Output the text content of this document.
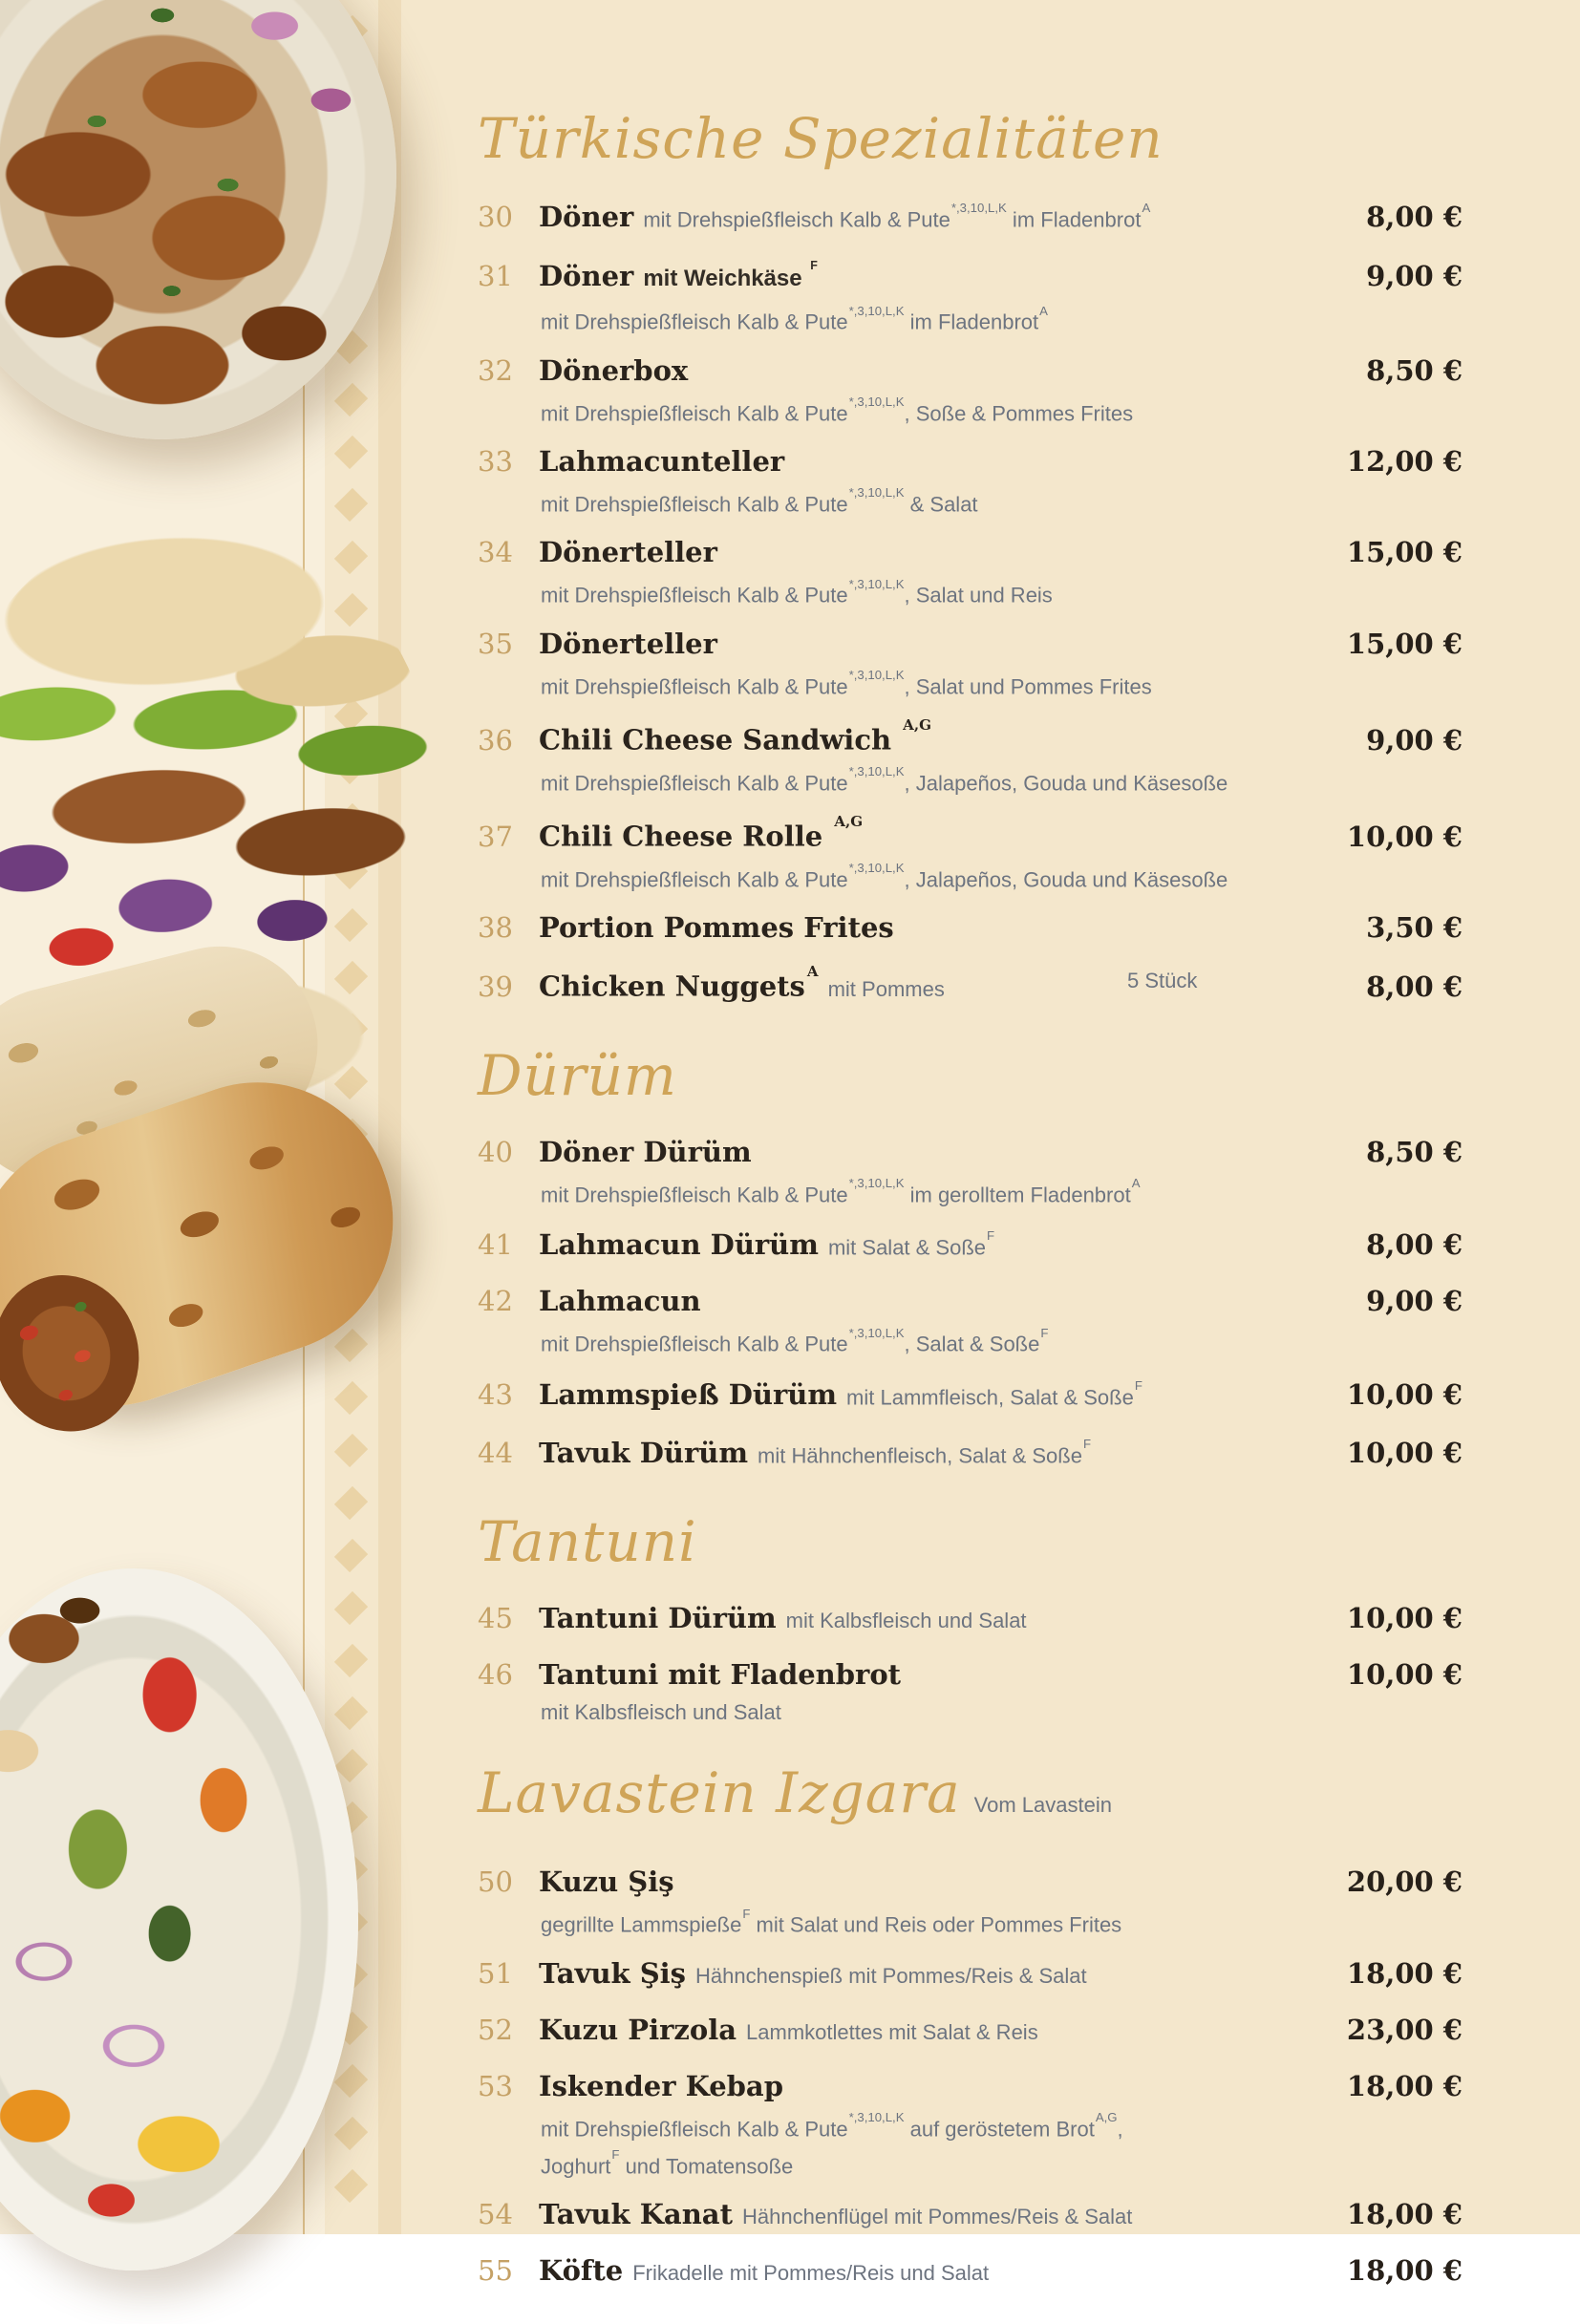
Türkische Spezialitäten
30 Döner mit Drehspießfleisch Kalb & Pute$^{*,3,10,L,K}$ im Fladenbrot$^A$	8,00 €
31 Döner mit Weichkäse $^F$	9,00 €
mit Drehspießfleisch Kalb & Pute$^{*,3,10,L,K}$ im Fladenbrot$^A$
32 Dönerbox	8,50 €
mit Drehspießfleisch Kalb & Pute$^{*,3,10,L,K}$, Soße & Pommes Frites
33 Lahmacunteller	12,00 €
mit Drehspießfleisch Kalb & Pute$^{*,3,10,L,K}$ & Salat
34 Dönerteller	15,00 €
mit Drehspießfleisch Kalb & Pute$^{*,3,10,L,K}$, Salat und Reis
35 Dönerteller	15,00 €
mit Drehspießfleisch Kalb & Pute$^{*,3,10,L,K}$, Salat und Pommes Frites
36 Chili Cheese Sandwich $^{A,G}$	9,00 €
mit Drehspießfleisch Kalb & Pute$^{*,3,10,L,K}$, Jalapeños, Gouda und Käsesoße
37 Chili Cheese Rolle $^{A,G}$	10,00 €
mit Drehspießfleisch Kalb & Pute$^{*,3,10,L,K}$, Jalapeños, Gouda und Käsesoße
38 Portion Pommes Frites	3,50 €
39 Chicken Nuggets $^A$
mit Pommes	5 Stück	8,00 €
Dürüm
40 Döner Dürüm	8,50 €
mit Drehspießfleisch Kalb & Pute$^{*,3,10,L,K}$ im gerolltem Fladenbrot$^A$
41 Lahmacun Dürüm mit Salat & Soße$^F$	8,00 €
42 Lahmacun	9,00 €
mit Drehspießfleisch Kalb & Pute$^{*,3,10,L,K}$, Salat & Soße$^F$
43 Lammspieß Dürüm mit Lammfleisch, Salat & Soße$^F$	10,00 €
44 Tavuk Dürüm mit Hähnchenfleisch, Salat & Soße$^F$	10,00 €
Tantuni
45 Tantuni Dürüm mit Kalbsfleisch und Salat	10,00 €
46 Tantuni mit Fladenbrot	10,00 €
mit Kalbsfleisch und Salat
Lavastein Izgara Vom Lavastein
50 Kuzu Şiş	20,00 €
gegrillte Lammspieße$^F$ mit Salat und Reis oder Pommes Frites
51 Tavuk Şiş Hähnchenspieß mit Pommes/Reis & Salat	18,00 €
52 Kuzu Pirzola Lammkotlettes mit Salat & Reis	23,00 €
53 Iskender Kebap	18,00 €
mit Drehspießfleisch Kalb & Pute$^{*,3,10,L,K}$ auf geröstetem Brot$^{A,G}$,
Joghurt$^F$ und Tomatensoße
54 Tavuk Kanat Hähnchenflügel mit Pommes/Reis & Salat	18,00 €
55 Köfte Frikadelle mit Pommes/Reis und Salat	18,00 €
